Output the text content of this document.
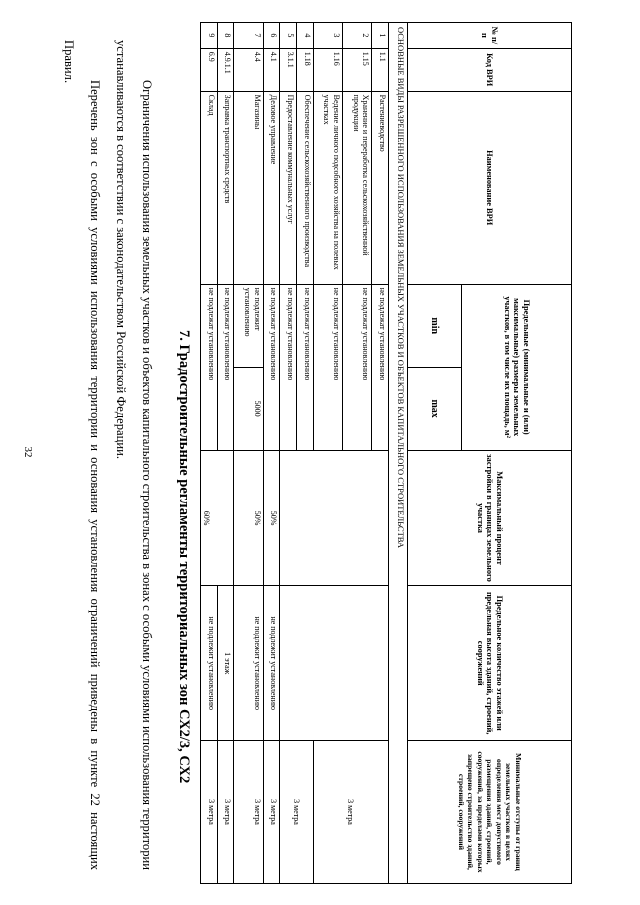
32	Ограничения использования земельных участков и объектов капитального строительства в зонах с особыми условиями использования территории устанавливаются в соответствии с законодательством Российской Федерации.

Перечень зон с особыми условиями использования территории и основания установления ограничений приведены в пункте 22 настоящих Правил.

7. Градостроительные регламенты территориальных зон СХ2/3, СХ2
№ п/п	Код ВРИ	Наименование ВРИ	Предельные (минимальные и (или) максимальные) размеры земельных участков, в том числе их площадь, м²		Максимальный процент застройки в границах земельного участка	Предельное количество этажей или предельная высота зданий, строений, сооружений	Минимальные отступы от границ земельных участков в целях определения мест допустимого размещения зданий, строений, сооружений, за пределами которых запрещено строительство зданий, строений, сооружений
			min	max			
ОСНОВНЫЕ ВИДЫ РАЗРЕШЕННОГО ИСПОЛЬЗОВАНИЯ ЗЕМЕЛЬНЫХ УЧАСТКОВ И ОБЪЕКТОВ КАПИТАЛЬНОГО СТРОИТЕЛЬСТВА							
1	1.1	Растениеводство	не подлежат установлению				3 метра
2	1.15	Хранение и переработка сельскохозяйственной продукции	не подлежат установлению				
3	1.16	Ведение личного подсобного хозяйства на полевых участках	не подлежат установлению				
4	1.18	Обеспечение сельскохозяйственного производства	не подлежат установлению				3 метра
5	3.1.1	Предоставление коммунальных услуг	не подлежат установлению				
6	4.1	Деловое управление	не подлежат установлению		50%	не подлежит установлению	3 метра
7	4.4	Магазины	не подлежит установлению	5000	50%	не подлежит установлению	3 метра
8	4.9.1.1	Заправка транспортных средств	не подлежат установлению		60%	1 этаж	3 метра
9	6.9	Склад	не подлежат установлению			не подлежит установлению	3 метра
